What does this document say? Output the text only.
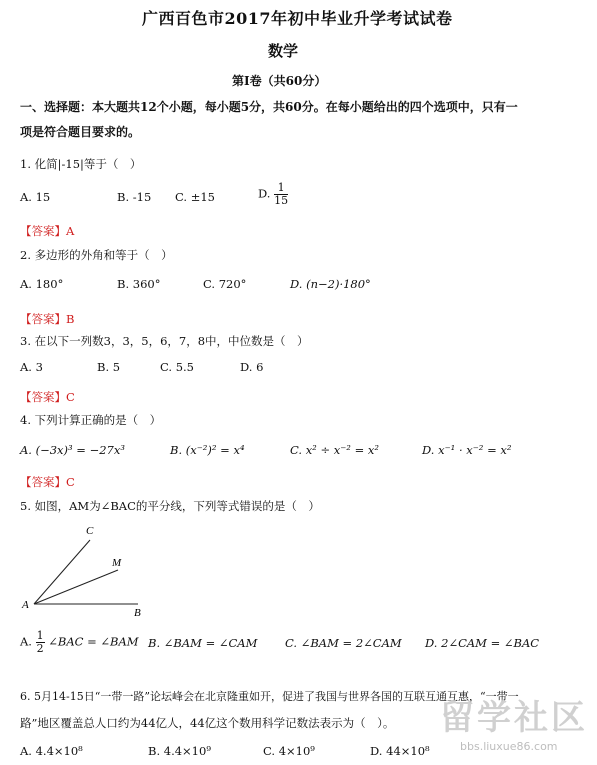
广西百色市2017年初中毕业升学考试试卷
数学
第Ⅰ卷（共60分）
一、选择题：本大题共12个小题，每小题5分，共60分。在每小题给出的四个选项中，只有一
项是符合题目要求的。
1. 化简|-15|等于（　）
A. 15	B. -15 C. ±15	D. $\frac{1}{15}$
【答案】A
2. 多边形的外角和等于（　）
A. 180°	B. 360°	C. 720°	D. (n−2)·180°
【答案】B
3. 在以下一列数3，3，5，6，7，8中，中位数是（　）
A. 3	B. 5	C. 5.5	D. 6
【答案】C
4. 下列计算正确的是（　）
A. (−3x)³ = −27x³	B. (x⁻²)² = x⁴	C. x² ÷ x⁻² = x²	D. x⁻¹ · x⁻² = x²
【答案】C
5. 如图，AM为∠BAC的平分线，下列等式错误的是（　）
C
M
A
B
A. $\frac{1}{2}$ ∠BAC = ∠BAM B. ∠BAM = ∠CAM C. ∠BAM = 2∠CAM D. 2∠CAM = ∠BAC
6. 5月14-15日“一带一路”论坛峰会在北京隆重如开，促进了我国与世界各国的互联互通互惠，“一带一
路”地区覆盖总人口约为44亿人，44亿这个数用科学记数法表示为（　）。
A. 4.4×10⁸	B. 4.4×10⁹	C. 4×10⁹	D. 44×10⁸
留学社区
bbs.liuxue86.com
